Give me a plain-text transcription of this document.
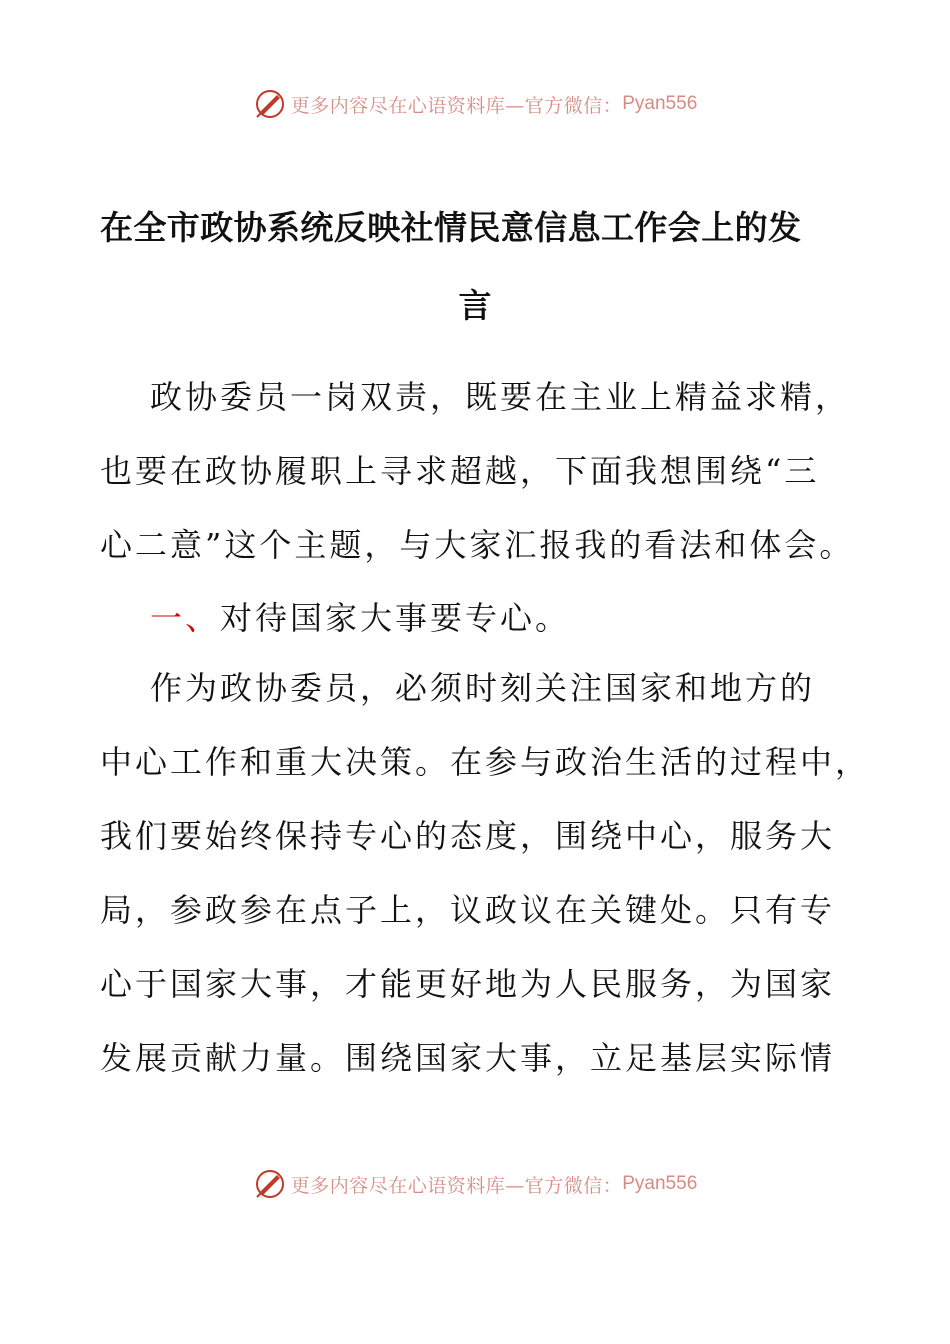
更多内容尽在心语资料库—官方微信： Pyan556
在全市政协系统反映社情民意信息工作会上的发
言

政协委员一岗双责，既要在主业上精益求精，

也要在政协履职上寻求超越，下面我想围绕“三

心二意”这个主题，与大家汇报我的看法和体会。

一、对待国家大事要专心。

作为政协委员，必须时刻关注国家和地方的

中心工作和重大决策。在参与政治生活的过程中，

我们要始终保持专心的态度，围绕中心，服务大

局，参政参在点子上，议政议在关键处。只有专

心于国家大事，才能更好地为人民服务，为国家

发展贡献力量。围绕国家大事，立足基层实际情

更多内容尽在心语资料库—官方微信： Pyan556
